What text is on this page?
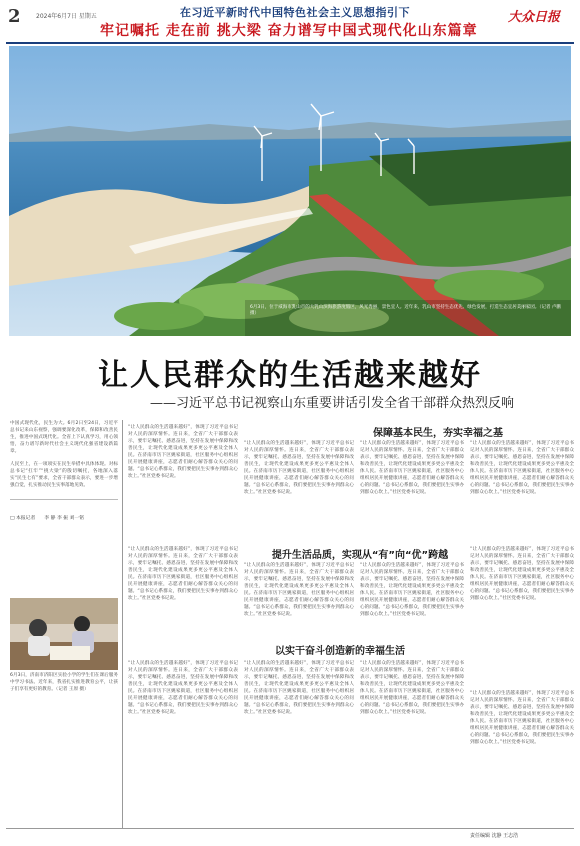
2	2024年6月7日 星期五	在习近平新时代中国特色社会主义思想指引下
牢记嘱托 走在前 挑大梁 奋力谱写中国式现代化山东篇章
大众日报
6月3日，位于威海市乳山市的大乳山滨海旅游度假区，风光秀丽，景色宜人。近年来，乳山市坚持生态优先、绿色发展，打造生态宜居美丽家园。（记者 卢鹏 摄）
让人民群众的生活越来越好
——习近平总书记视察山东重要讲话引发全省干部群众热烈反响
中国式现代化，民生为大。6月2日至24日，习近平总书记来山东视察，强调要深化改革，保障和改善民生，推进中国式现代化。全省上下认真学习，用心领悟，奋力谱写新时代社会主义现代化强省建设新篇章。
人民至上，在一项项实在民生举措中具体体现。对标总书记“扛牢”“挑大梁”的殷切嘱托，各地深入落实“民生七有”要求，全省干部群众表示，要进一步增强自觉，扎实推动民生实事落地见效。
□ 本报记者 李 静 李 振 刘一铭
6月3日，济南市济阳区实验小学的学生们在课后服务中学习书法。近年来，我省扎实推进教育公平，让孩子们享有更好的教育。（记者 王原 摄）
保障基本民生，夯实幸福之基
“让人民群众的生活越来越好”，体现了习近平总书记对人民的深厚情怀。连日来，全省广大干部群众表示，要牢记嘱托、感恩奋进，坚持在发展中保障和改善民生，让现代化建设成果更多更公平惠及全体人民。在济南市历下区姚家街道，社区服务中心组织居民开展健康讲座，志愿者们耐心解答群众关心的问题。“总书记心系群众，我们要把民生实事办到群众心坎上。”社区党委书记说。
“让人民群众的生活越来越好”，体现了习近平总书记对人民的深厚情怀。连日来，全省广大干部群众表示，要牢记嘱托、感恩奋进，坚持在发展中保障和改善民生，让现代化建设成果更多更公平惠及全体人民。在济南市历下区姚家街道，社区服务中心组织居民开展健康讲座，志愿者们耐心解答群众关心的问题。“总书记心系群众，我们要把民生实事办到群众心坎上。”社区党委书记说。
“让人民群众的生活越来越好”，体现了习近平总书记对人民的深厚情怀。连日来，全省广大干部群众表示，要牢记嘱托、感恩奋进，坚持在发展中保障和改善民生，让现代化建设成果更多更公平惠及全体人民。在济南市历下区姚家街道，社区服务中心组织居民开展健康讲座，志愿者们耐心解答群众关心的问题。“总书记心系群众，我们要把民生实事办到群众心坎上。”社区党委书记说。
“让人民群众的生活越来越好”，体现了习近平总书记对人民的深厚情怀。连日来，全省广大干部群众表示，要牢记嘱托、感恩奋进，坚持在发展中保障和改善民生，让现代化建设成果更多更公平惠及全体人民。在济南市历下区姚家街道，社区服务中心组织居民开展健康讲座，志愿者们耐心解答群众关心的问题。“总书记心系群众，我们要把民生实事办到群众心坎上。”社区党委书记说。
提升生活品质，实现从“有”向“优”跨越
“让人民群众的生活越来越好”，体现了习近平总书记对人民的深厚情怀。连日来，全省广大干部群众表示，要牢记嘱托、感恩奋进，坚持在发展中保障和改善民生，让现代化建设成果更多更公平惠及全体人民。在济南市历下区姚家街道，社区服务中心组织居民开展健康讲座，志愿者们耐心解答群众关心的问题。“总书记心系群众，我们要把民生实事办到群众心坎上。”社区党委书记说。
“让人民群众的生活越来越好”，体现了习近平总书记对人民的深厚情怀。连日来，全省广大干部群众表示，要牢记嘱托、感恩奋进，坚持在发展中保障和改善民生，让现代化建设成果更多更公平惠及全体人民。在济南市历下区姚家街道，社区服务中心组织居民开展健康讲座，志愿者们耐心解答群众关心的问题。“总书记心系群众，我们要把民生实事办到群众心坎上。”社区党委书记说。
“让人民群众的生活越来越好”，体现了习近平总书记对人民的深厚情怀。连日来，全省广大干部群众表示，要牢记嘱托、感恩奋进，坚持在发展中保障和改善民生，让现代化建设成果更多更公平惠及全体人民。在济南市历下区姚家街道，社区服务中心组织居民开展健康讲座，志愿者们耐心解答群众关心的问题。“总书记心系群众，我们要把民生实事办到群众心坎上。”社区党委书记说。
“让人民群众的生活越来越好”，体现了习近平总书记对人民的深厚情怀。连日来，全省广大干部群众表示，要牢记嘱托、感恩奋进，坚持在发展中保障和改善民生，让现代化建设成果更多更公平惠及全体人民。在济南市历下区姚家街道，社区服务中心组织居民开展健康讲座，志愿者们耐心解答群众关心的问题。“总书记心系群众，我们要把民生实事办到群众心坎上。”社区党委书记说。
以实干奋斗创造新的幸福生活
“让人民群众的生活越来越好”，体现了习近平总书记对人民的深厚情怀。连日来，全省广大干部群众表示，要牢记嘱托、感恩奋进，坚持在发展中保障和改善民生，让现代化建设成果更多更公平惠及全体人民。在济南市历下区姚家街道，社区服务中心组织居民开展健康讲座，志愿者们耐心解答群众关心的问题。“总书记心系群众，我们要把民生实事办到群众心坎上。”社区党委书记说。
“让人民群众的生活越来越好”，体现了习近平总书记对人民的深厚情怀。连日来，全省广大干部群众表示，要牢记嘱托、感恩奋进，坚持在发展中保障和改善民生，让现代化建设成果更多更公平惠及全体人民。在济南市历下区姚家街道，社区服务中心组织居民开展健康讲座，志愿者们耐心解答群众关心的问题。“总书记心系群众，我们要把民生实事办到群众心坎上。”社区党委书记说。
“让人民群众的生活越来越好”，体现了习近平总书记对人民的深厚情怀。连日来，全省广大干部群众表示，要牢记嘱托、感恩奋进，坚持在发展中保障和改善民生，让现代化建设成果更多更公平惠及全体人民。在济南市历下区姚家街道，社区服务中心组织居民开展健康讲座，志愿者们耐心解答群众关心的问题。“总书记心系群众，我们要把民生实事办到群众心坎上。”社区党委书记说。
“让人民群众的生活越来越好”，体现了习近平总书记对人民的深厚情怀。连日来，全省广大干部群众表示，要牢记嘱托、感恩奋进，坚持在发展中保障和改善民生，让现代化建设成果更多更公平惠及全体人民。在济南市历下区姚家街道，社区服务中心组织居民开展健康讲座，志愿者们耐心解答群众关心的问题。“总书记心系群众，我们要把民生实事办到群众心坎上。”社区党委书记说。
责任编辑 沈静 王志浩
